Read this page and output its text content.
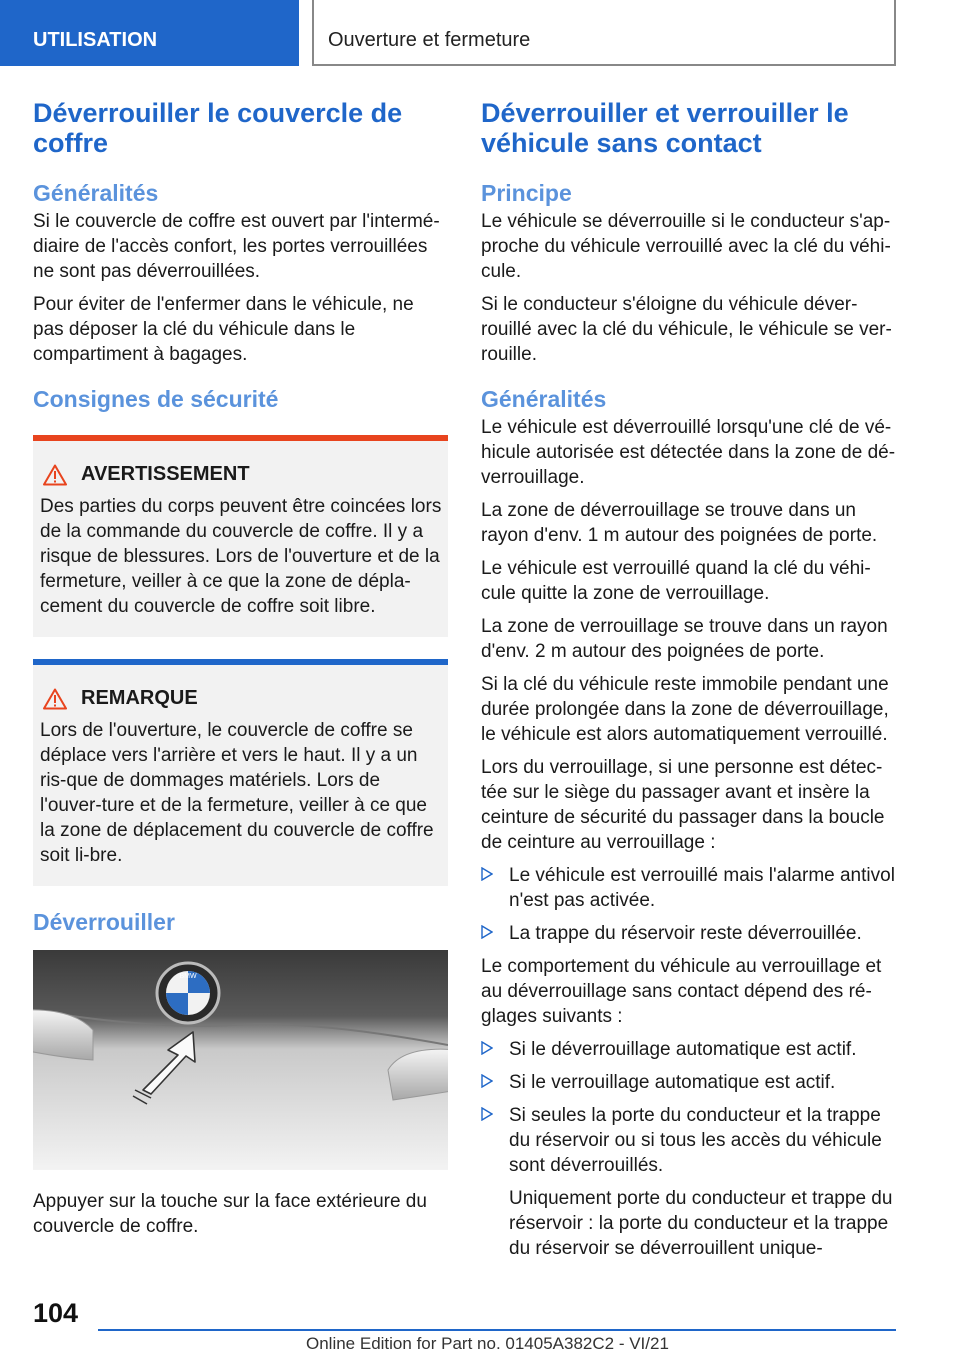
UTILISATION	Ouverture et fermeture
Déverrouiller le couvercle de coffre
Généralités

Si le couvercle de coffre est ouvert par l'intermé-diaire de l'accès confort, les portes verrouillées ne sont pas déverrouillées.

Pour éviter de l'enfermer dans le véhicule, ne pas déposer la clé du véhicule dans le compartiment à bagages.

Consignes de sécurité
AVERTISSEMENT

Des parties du corps peuvent être coincées lors de la commande du couvercle de coffre. Il y a risque de blessures. Lors de l'ouverture et de la fermeture, veiller à ce que la zone de dépla-cement du couvercle de coffre soit libre.

REMARQUE

Lors de l'ouverture, le couvercle de coffre se déplace vers l'arrière et vers le haut. Il y a un ris-que de dommages matériels. Lors de l'ouver-ture et de la fermeture, veiller à ce que la zone de déplacement du couvercle de coffre soit li-bre.

Déverrouiller
BMW

Appuyer sur la touche sur la face extérieure du couvercle de coffre.

Déverrouiller et verrouiller le véhicule sans contact
Principe

Le véhicule se déverrouille si le conducteur s'ap-proche du véhicule verrouillé avec la clé du véhi-cule.

Si le conducteur s'éloigne du véhicule déver-rouillé avec la clé du véhicule, le véhicule se ver-rouille.

Généralités

Le véhicule est déverrouillé lorsqu'une clé de vé-hicule autorisée est détectée dans la zone de dé-verrouillage.

La zone de déverrouillage se trouve dans un rayon d'env. 1 m autour des poignées de porte.

Le véhicule est verrouillé quand la clé du véhi-cule quitte la zone de verrouillage.

La zone de verrouillage se trouve dans un rayon d'env. 2 m autour des poignées de porte.

Si la clé du véhicule reste immobile pendant une durée prolongée dans la zone de déverrouillage, le véhicule est alors automatiquement verrouillé.

Lors du verrouillage, si une personne est détec-tée sur le siège du passager avant et insère la ceinture de sécurité du passager dans la boucle de ceinture au verrouillage :

Le véhicule est verrouillé mais l'alarme antivol n'est pas activée.
La trappe du réservoir reste déverrouillée.

Le comportement du véhicule au verrouillage et au déverrouillage sans contact dépend des ré-glages suivants :

Si le déverrouillage automatique est actif.
Si le verrouillage automatique est actif.
Si seules la porte du conducteur et la trappe du réservoir ou si tous les accès du véhicule sont déverrouillés.

Uniquement porte du conducteur et trappe du réservoir : la porte du conducteur et la trappe du réservoir se déverrouillent unique-

104
Online Edition for Part no. 01405A382C2 - VI/21
